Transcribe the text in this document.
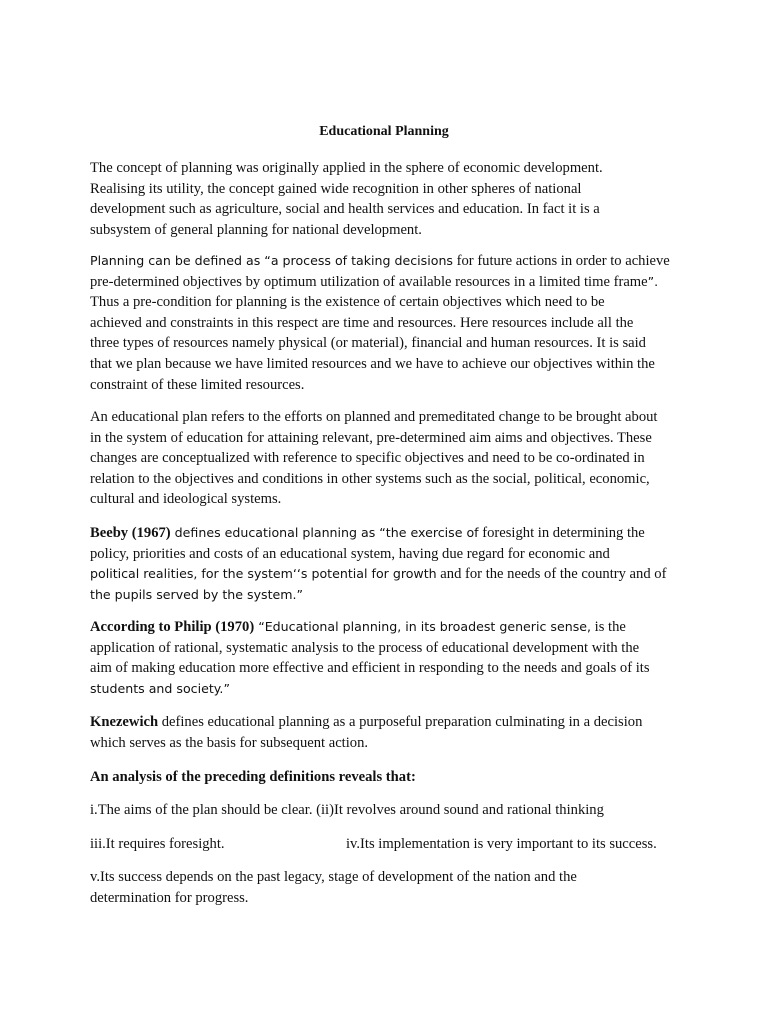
Educational Planning

The concept of planning was originally applied in the sphere of economic development.
Realising its utility, the concept gained wide recognition in other spheres of national
development such as agriculture, social and health services and education. In fact it is a
subsystem of general planning for national development.

Planning can be defined as “a process of taking decisions for future actions in order to achieve
pre-determined objectives by optimum utilization of available resources in a limited time frame”.
Thus a pre-condition for planning is the existence of certain objectives which need to be
achieved and constraints in this respect are time and resources. Here resources include all the
three types of resources namely physical (or material), financial and human resources. It is said
that we plan because we have limited resources and we have to achieve our objectives within the
constraint of these limited resources.

An educational plan refers to the efforts on planned and premeditated change to be brought about
in the system of education for attaining relevant, pre-determined aim aims and objectives. These
changes are conceptualized with reference to specific objectives and need to be co-ordinated in
relation to the objectives and conditions in other systems such as the social, political, economic,
cultural and ideological systems.

Beeby (1967) defines educational planning as “the exercise of foresight in determining the
policy, priorities and costs of an educational system, having due regard for economic and
political realities, for the system‘‘s potential for growth and for the needs of the country and of
the pupils served by the system.”

According to Philip (1970) “Educational planning, in its broadest generic sense, is the
application of rational, systematic analysis to the process of educational development with the
aim of making education more effective and efficient in responding to the needs and goals of its
students and society.”

Knezewich defines educational planning as a purposeful preparation culminating in a decision
which serves as the basis for subsequent action.

An analysis of the preceding definitions reveals that:
i.The aims of the plan should be clear. (ii)It revolves around sound and rational thinking
iii.It requires foresight.	iv.Its implementation is very important to its success.

v.Its success depends on the past legacy, stage of development of the nation and the
determination for progress.
